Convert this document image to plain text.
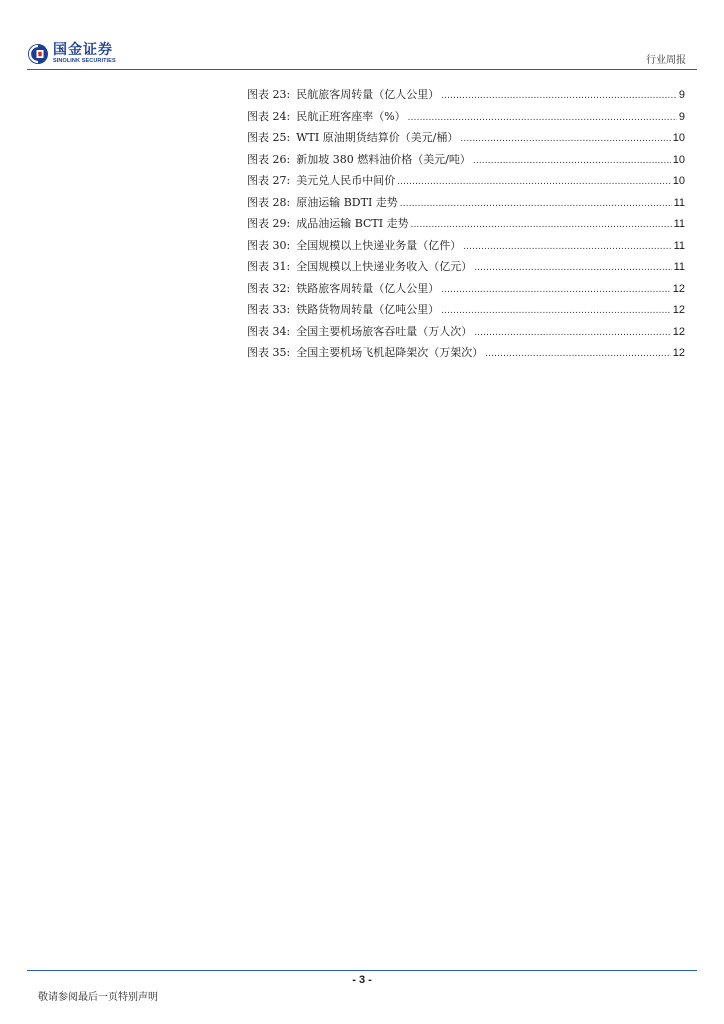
国金证券
SINOLINK SECURITIES	行业周报
图表 23: 民航旅客周转量（亿人公里） .....	9
图表 24: 民航正班客座率（%） .....	9
图表 25: WTI 原油期货结算价（美元/桶） .....	10
图表 26: 新加坡 380 燃料油价格（美元/吨） .....	10
图表 27: 美元兑人民币中间价 .....	10
图表 28: 原油运输 BDTI 走势 .....	11
图表 29: 成品油运输 BCTI 走势 .....	11
图表 30: 全国规模以上快递业务量（亿件） .....	11
图表 31: 全国规模以上快递业务收入（亿元） .....	11
图表 32: 铁路旅客周转量（亿人公里） .....	12
图表 33: 铁路货物周转量（亿吨公里） .....	12
图表 34: 全国主要机场旅客吞吐量（万人次） .....	12
图表 35: 全国主要机场飞机起降架次（万架次） .....	12
- 3 -
敬请参阅最后一页特别声明
